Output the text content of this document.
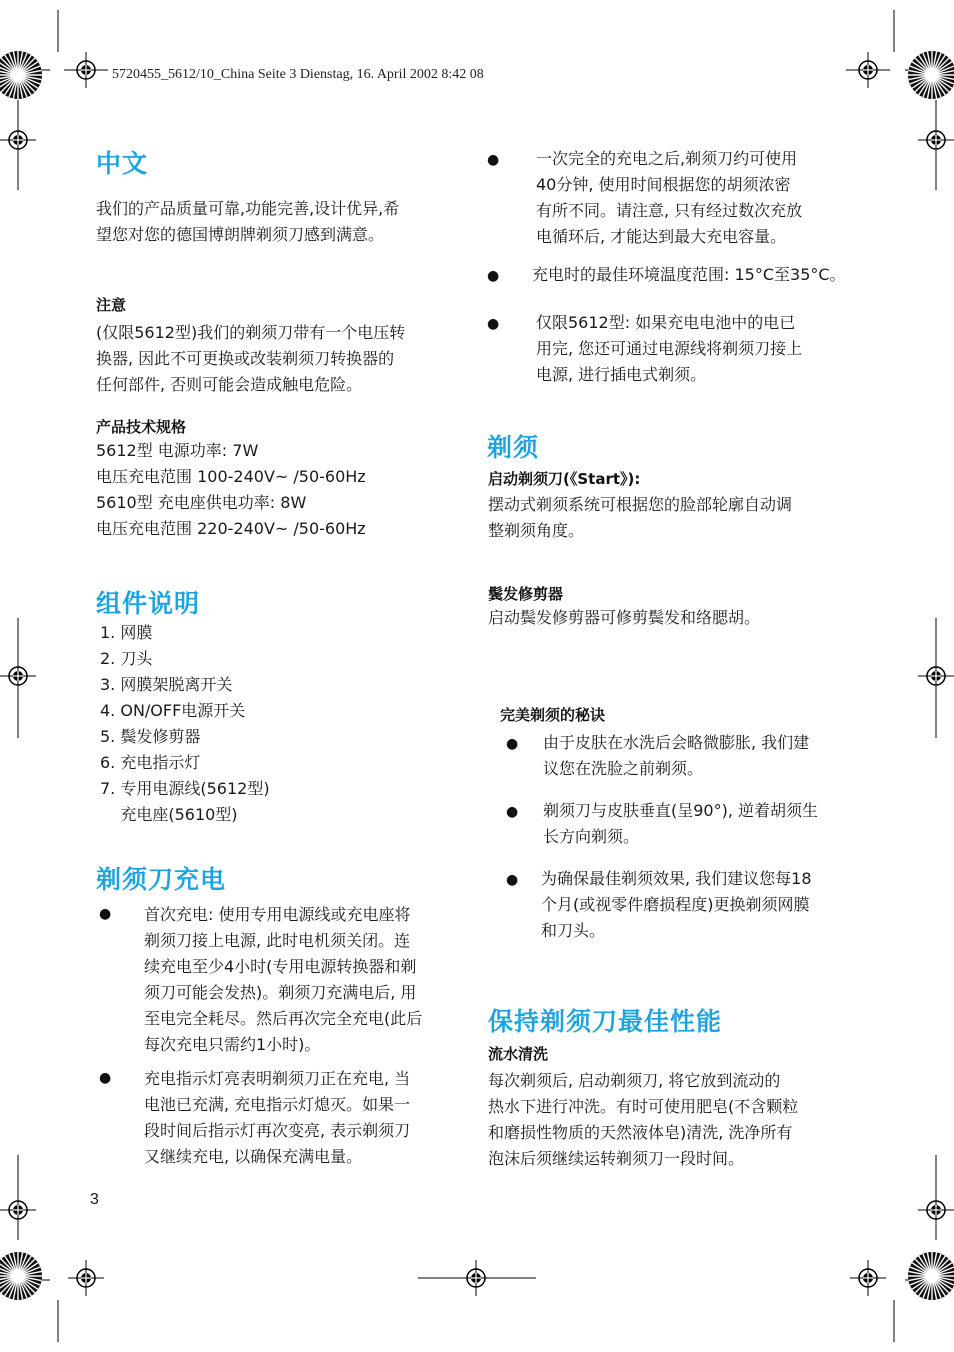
5720455_5612/10_China Seite 3 Dienstag, 16. April 2002 8:42 08
中文
我们的产品质量可靠,功能完善,设计优异,希
望您对您的德国博朗牌剃须刀感到满意。
注意
(仅限5612型)我们的剃须刀带有一个电压转
换器, 因此不可更换或改装剃须刀转换器的
任何部件, 否则可能会造成触电危险。
产品技术规格
5612型 电源功率: 7W
电压充电范围 100-240V~ /50-60Hz
5610型 充电座供电功率: 8W
电压充电范围 220-240V~ /50-60Hz
组件说明
1. 网膜
2. 刀头
3. 网膜架脱离开关
4. ON/OFF电源开关
5. 鬓发修剪器
6. 充电指示灯
7. 专用电源线(5612型)
充电座(5610型)
剃须刀充电
● 首次充电: 使用专用电源线或充电座将
剃须刀接上电源, 此时电机须关闭。连
续充电至少4小时(专用电源转换器和剃
须刀可能会发热)。剃须刀充满电后, 用
至电完全耗尽。然后再次完全充电(此后
每次充电只需约1小时)。
● 充电指示灯亮表明剃须刀正在充电, 当
电池已充满, 充电指示灯熄灭。如果一
段时间后指示灯再次变亮, 表示剃须刀
又继续充电, 以确保充满电量。
3
● 一次完全的充电之后,剃须刀约可使用
40分钟, 使用时间根据您的胡须浓密
有所不同。请注意, 只有经过数次充放
电循环后, 才能达到最大充电容量。
● 充电时的最佳环境温度范围: 15°C至35°C。
● 仅限5612型: 如果充电电池中的电已
用完, 您还可通过电源线将剃须刀接上
电源, 进行插电式剃须。
剃须
启动剃须刀(《Start》):
摆动式剃须系统可根据您的脸部轮廓自动调
整剃须角度。
鬓发修剪器
启动鬓发修剪器可修剪鬓发和络腮胡。
完美剃须的秘诀
● 由于皮肤在水洗后会略微膨胀, 我们建
议您在洗脸之前剃须。
● 剃须刀与皮肤垂直(呈90°), 逆着胡须生
长方向剃须。
● 为确保最佳剃须效果, 我们建议您每18
个月(或视零件磨损程度)更换剃须网膜
和刀头。
保持剃须刀最佳性能
流水清洗
每次剃须后, 启动剃须刀, 将它放到流动的
热水下进行冲洗。有时可使用肥皂(不含颗粒
和磨损性物质的天然液体皂)清洗, 洗净所有
泡沫后须继续运转剃须刀一段时间。
